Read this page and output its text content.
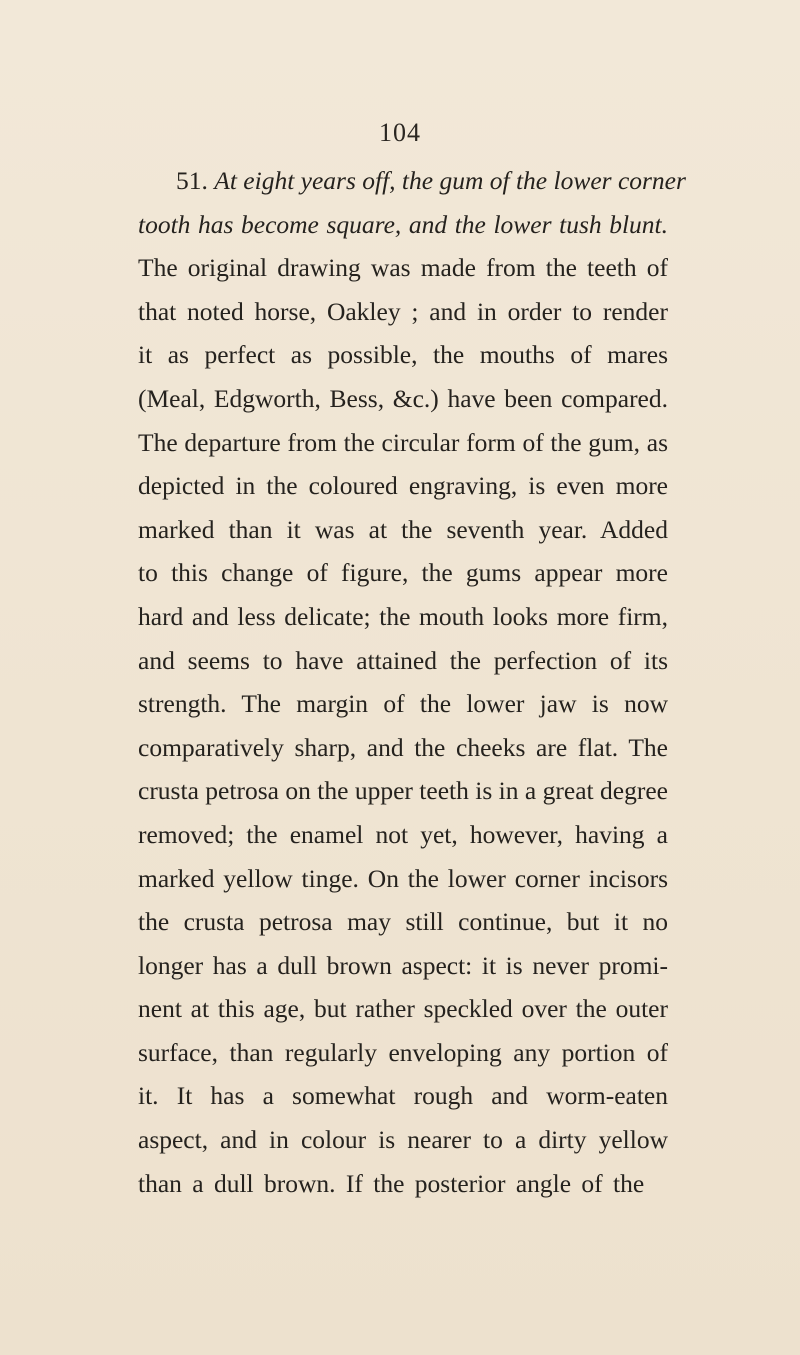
104
51. At eight years off, the gum of the lower corner
tooth has become square, and the lower tush blunt.
The original drawing was made from the teeth of
that noted horse, Oakley ; and in order to render
it as perfect as possible, the mouths of mares
(Meal, Edgworth, Bess, &c.) have been compared.
The departure from the circular form of the gum, as
depicted in the coloured engraving, is even more
marked than it was at the seventh year. Added
to this change of figure, the gums appear more
hard and less delicate; the mouth looks more firm,
and seems to have attained the perfection of its
strength. The margin of the lower jaw is now
comparatively sharp, and the cheeks are flat. The
crusta petrosa on the upper teeth is in a great degree
removed; the enamel not yet, however, having a
marked yellow tinge. On the lower corner incisors
the crusta petrosa may still continue, but it no
longer has a dull brown aspect: it is never promi-
nent at this age, but rather speckled over the outer
surface, than regularly enveloping any portion of
it. It has a somewhat rough and worm-eaten
aspect, and in colour is nearer to a dirty yellow
than a dull brown. If the posterior angle of the
